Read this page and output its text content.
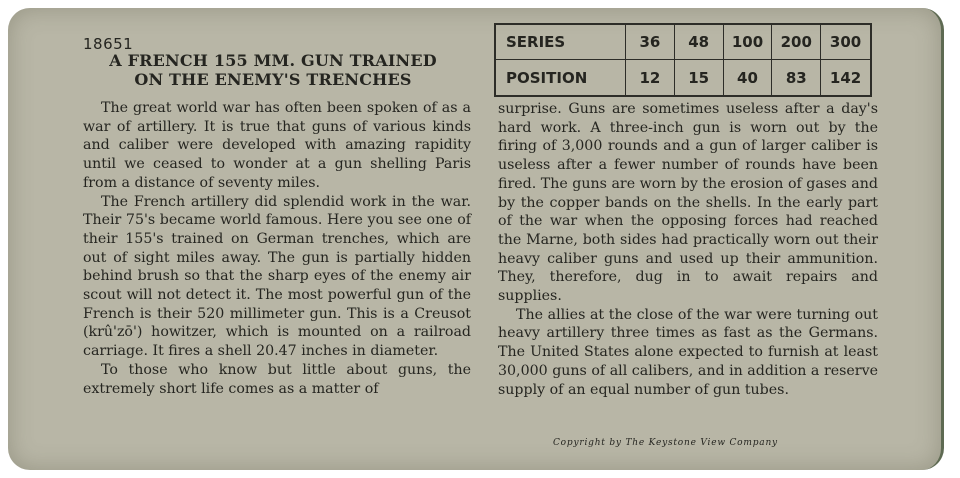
18651
A FRENCH 155 MM. GUN TRAINED
ON THE ENEMY'S TRENCHES
SERIES	36	48	100	200	300
POSITION	12	15	40	83	142

The great world war has often been spoken of as a war of artillery. It is true that guns of various kinds and caliber were developed with amazing rapidity until we ceased to wonder at a gun shelling Paris from a distance of seventy miles.

The French artillery did splendid work in the war. Their 75's became world famous. Here you see one of their 155's trained on German trenches, which are out of sight miles away. The gun is partially hidden behind brush so that the sharp eyes of the enemy air scout will not detect it. The most powerful gun of the French is their 520 millimeter gun. This is a Creusot (krû'zō') howitzer, which is mounted on a railroad carriage. It fires a shell 20.47 inches in diameter.

To those who know but little about guns, the extremely short life comes as a matter of

surprise. Guns are sometimes useless after a day's hard work. A three-inch gun is worn out by the firing of 3,000 rounds and a gun of larger caliber is useless after a fewer number of rounds have been fired. The guns are worn by the erosion of gases and by the copper bands on the shells. In the early part of the war when the opposing forces had reached the Marne, both sides had practically worn out their heavy caliber guns and used up their ammunition. They, therefore, dug in to await repairs and supplies.

The allies at the close of the war were turning out heavy artillery three times as fast as the Germans. The United States alone expected to furnish at least 30,000 guns of all calibers, and in addition a reserve supply of an equal number of gun tubes.

Copyright by The Keystone View Company
